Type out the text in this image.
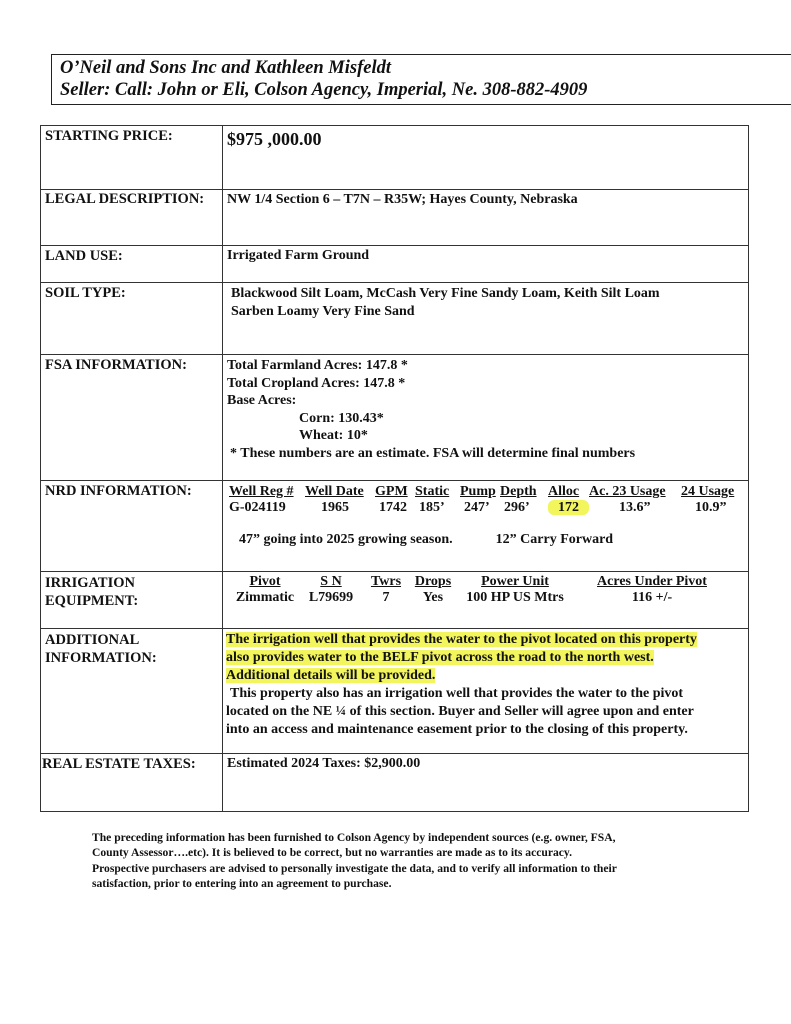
O’Neil and Sons Inc and Kathleen Misfeldt
Seller: Call: John or Eli, Colson Agency, Imperial, Ne. 308-882-4909
STARTING PRICE:	$975 ,000.00

LEGAL DESCRIPTION:	NW 1/4 Section 6 – T7N – R35W; Hayes County, Nebraska

LAND USE:	Irrigated Farm Ground

SOIL TYPE:	Blackwood Silt Loam, McCash Very Fine Sandy Loam, Keith Silt Loam
Sarben Loamy Very Fine Sand

FSA INFORMATION:	Total Farmland Acres: 147.8 *
Total Cropland Acres: 147.8 *
Base Acres:
Corn: 130.43*
Wheat: 10*
* These numbers are an estimate. FSA will determine final numbers

NRD INFORMATION:		Well Reg #	Well Date	GPM	Static	Pump	Depth	Alloc	Ac. 23 Usage	24 Usage
G-024119	1965	1742	185’	247’	296’	172	13.6”	10.9”
47” going into 2025 growing season.	12” Carry Forward

IRRIGATION
EQUIPMENT:

Pivot	S N	Twrs	Drops	Power Unit	Acres Under Pivot
Zimmatic	L79699	7	Yes	100 HP US Mtrs	116 +/-

ADDITIONAL
INFORMATION:

The irrigation well that provides the water to the pivot located on this property
also provides water to the BELF pivot across the road to the north west.
Additional details will be provided.
This property also has an irrigation well that provides the water to the pivot
located on the NE ¼ of this section. Buyer and Seller will agree upon and enter
into an access and maintenance easement prior to the closing of this property.

REAL ESTATE TAXES:	Estimated 2024 Taxes: $2,900.00
The preceding information has been furnished to Colson Agency by independent sources (e.g. owner, FSA,
County Assessor….etc). It is believed to be correct, but no warranties are made as to its accuracy.
Prospective purchasers are advised to personally investigate the data, and to verify all information to their
satisfaction, prior to entering into an agreement to purchase.
